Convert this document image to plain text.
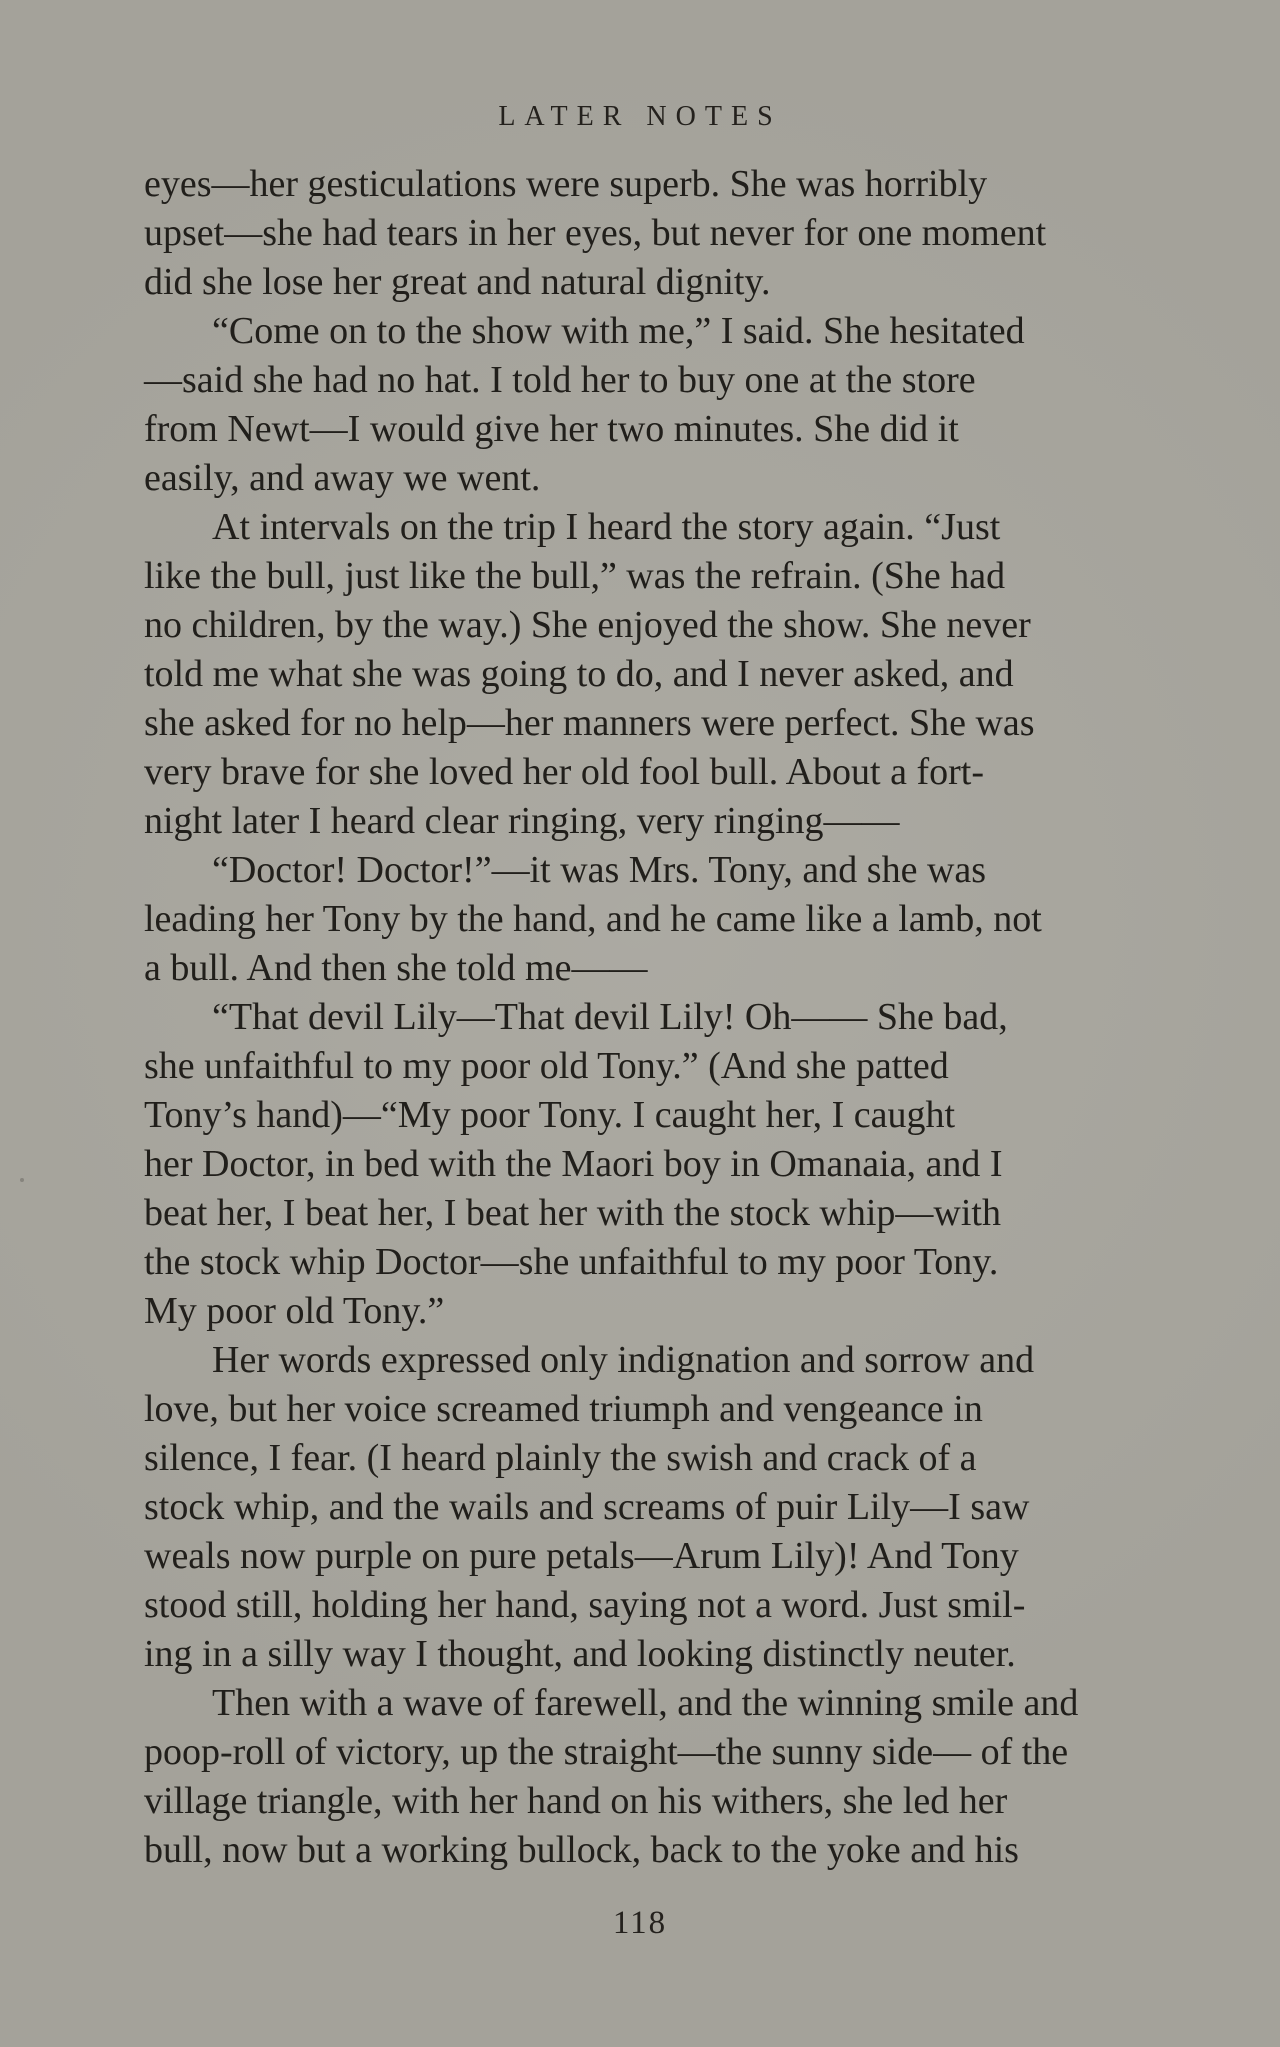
LATER NOTES
eyes—her gesticulations were superb. She was horribly
upset—she had tears in her eyes, but never for one moment
did she lose her great and natural dignity.
“Come on to the show with me,” I said. She hesitated
—said she had no hat. I told her to buy one at the store
from Newt—I would give her two minutes. She did it
easily, and away we went.
At intervals on the trip I heard the story again. “Just
like the bull, just like the bull,” was the refrain. (She had
no children, by the way.) She enjoyed the show. She never
told me what she was going to do, and I never asked, and
she asked for no help—her manners were perfect. She was
very brave for she loved her old fool bull. About a fort-
night later I heard clear ringing, very ringing——
“Doctor! Doctor!”—it was Mrs. Tony, and she was
leading her Tony by the hand, and he came like a lamb, not
a bull. And then she told me——
“That devil Lily—That devil Lily! Oh—— She bad,
she unfaithful to my poor old Tony.” (And she patted
Tony’s hand)—“My poor Tony. I caught her, I caught
her Doctor, in bed with the Maori boy in Omanaia, and I
beat her, I beat her, I beat her with the stock whip—with
the stock whip Doctor—she unfaithful to my poor Tony.
My poor old Tony.”
Her words expressed only indignation and sorrow and
love, but her voice screamed triumph and vengeance in
silence, I fear. (I heard plainly the swish and crack of a
stock whip, and the wails and screams of puir Lily—I saw
weals now purple on pure petals—Arum Lily)! And Tony
stood still, holding her hand, saying not a word. Just smil-
ing in a silly way I thought, and looking distinctly neuter.
Then with a wave of farewell, and the winning smile and
poop-roll of victory, up the straight—the sunny side— of the
village triangle, with her hand on his withers, she led her
bull, now but a working bullock, back to the yoke and his
118
